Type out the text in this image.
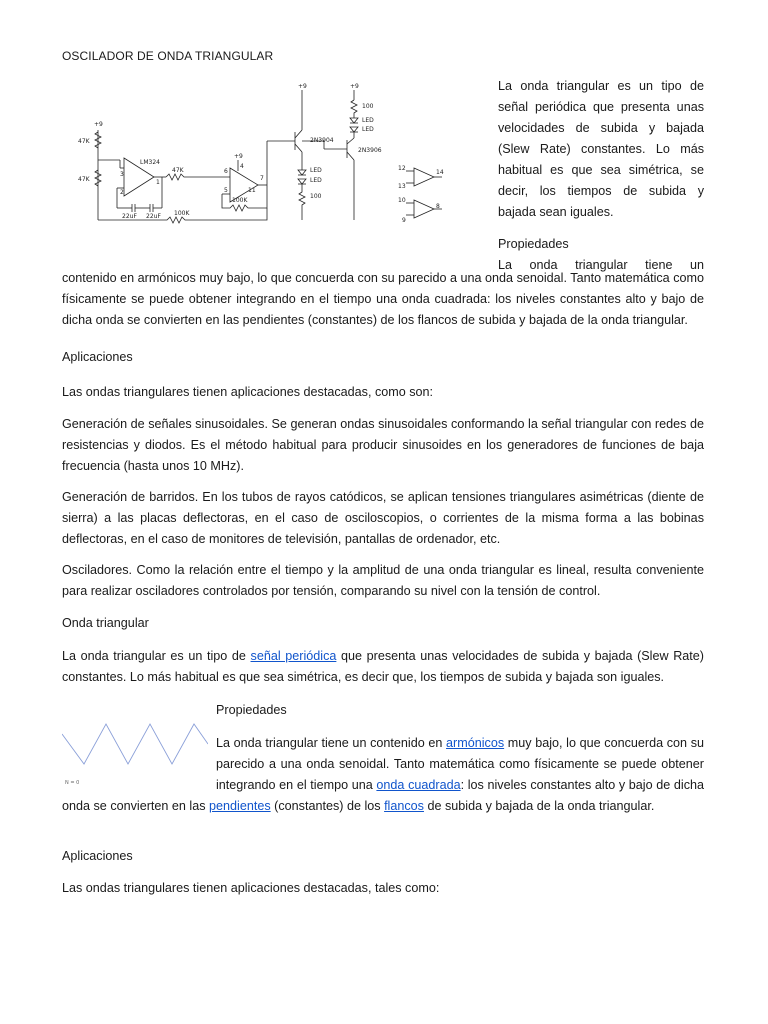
OSCILADOR DE ONDA TRIANGULAR
+9
+9
+9	+9
47K
47K
47K
LM324
3
2
1
6
5
4
7
11
22uF 22uF
100K
100K
2N3904
2N3906
LED
LED
LED
LED
100
100
12
13
14
10
9
8

La onda triangular es un tipo de señal periódica que presenta unas velocidades de subida y bajada (Slew Rate) constantes. Lo más habitual es que sea simétrica, se decir, los tiempos de subida y bajada sean iguales.

Propiedades

La onda triangular tiene un

contenido en armónicos muy bajo, lo que concuerda con su parecido a una onda senoidal. Tanto matemática como físicamente se puede obtener integrando en el tiempo una onda cuadrada: los niveles constantes alto y bajo de dicha onda se convierten en las pendientes (constantes) de los flancos de subida y bajada de la onda triangular.

Aplicaciones
Las ondas triangulares tienen aplicaciones destacadas, como son:
Generación de señales sinusoidales. Se generan ondas sinusoidales conformando la señal triangular con redes de resistencias y diodos. Es el método habitual para producir sinusoides en los generadores de funciones de baja frecuencia (hasta unos 10 MHz).
Generación de barridos. En los tubos de rayos catódicos, se aplican tensiones triangulares asimétricas (diente de sierra) a las placas deflectoras, en el caso de osciloscopios, o corrientes de la misma forma a las bobinas deflectoras, en el caso de monitores de televisión, pantallas de ordenador, etc.
Osciladores. Como la relación entre el tiempo y la amplitud de una onda triangular es lineal, resulta conveniente para realizar osciladores controlados por tensión, comparando su nivel con la tensión de control.
Onda triangular
La onda triangular es un tipo de señal periódica que presenta unas velocidades de subida y bajada (Slew Rate) constantes. Lo más habitual es que sea simétrica, es decir que, los tiempos de subida y bajada son iguales.
N = 0
Propiedades
La onda triangular tiene un contenido en armónicos muy bajo, lo que concuerda con su parecido a una onda senoidal. Tanto matemática como físicamente se puede obtener integrando en el tiempo una onda cuadrada: los niveles constantes alto y bajo de dicha onda se convierten en las pendientes (constantes) de los flancos de subida y bajada de la onda triangular.
Aplicaciones
Las ondas triangulares tienen aplicaciones destacadas, tales como:
